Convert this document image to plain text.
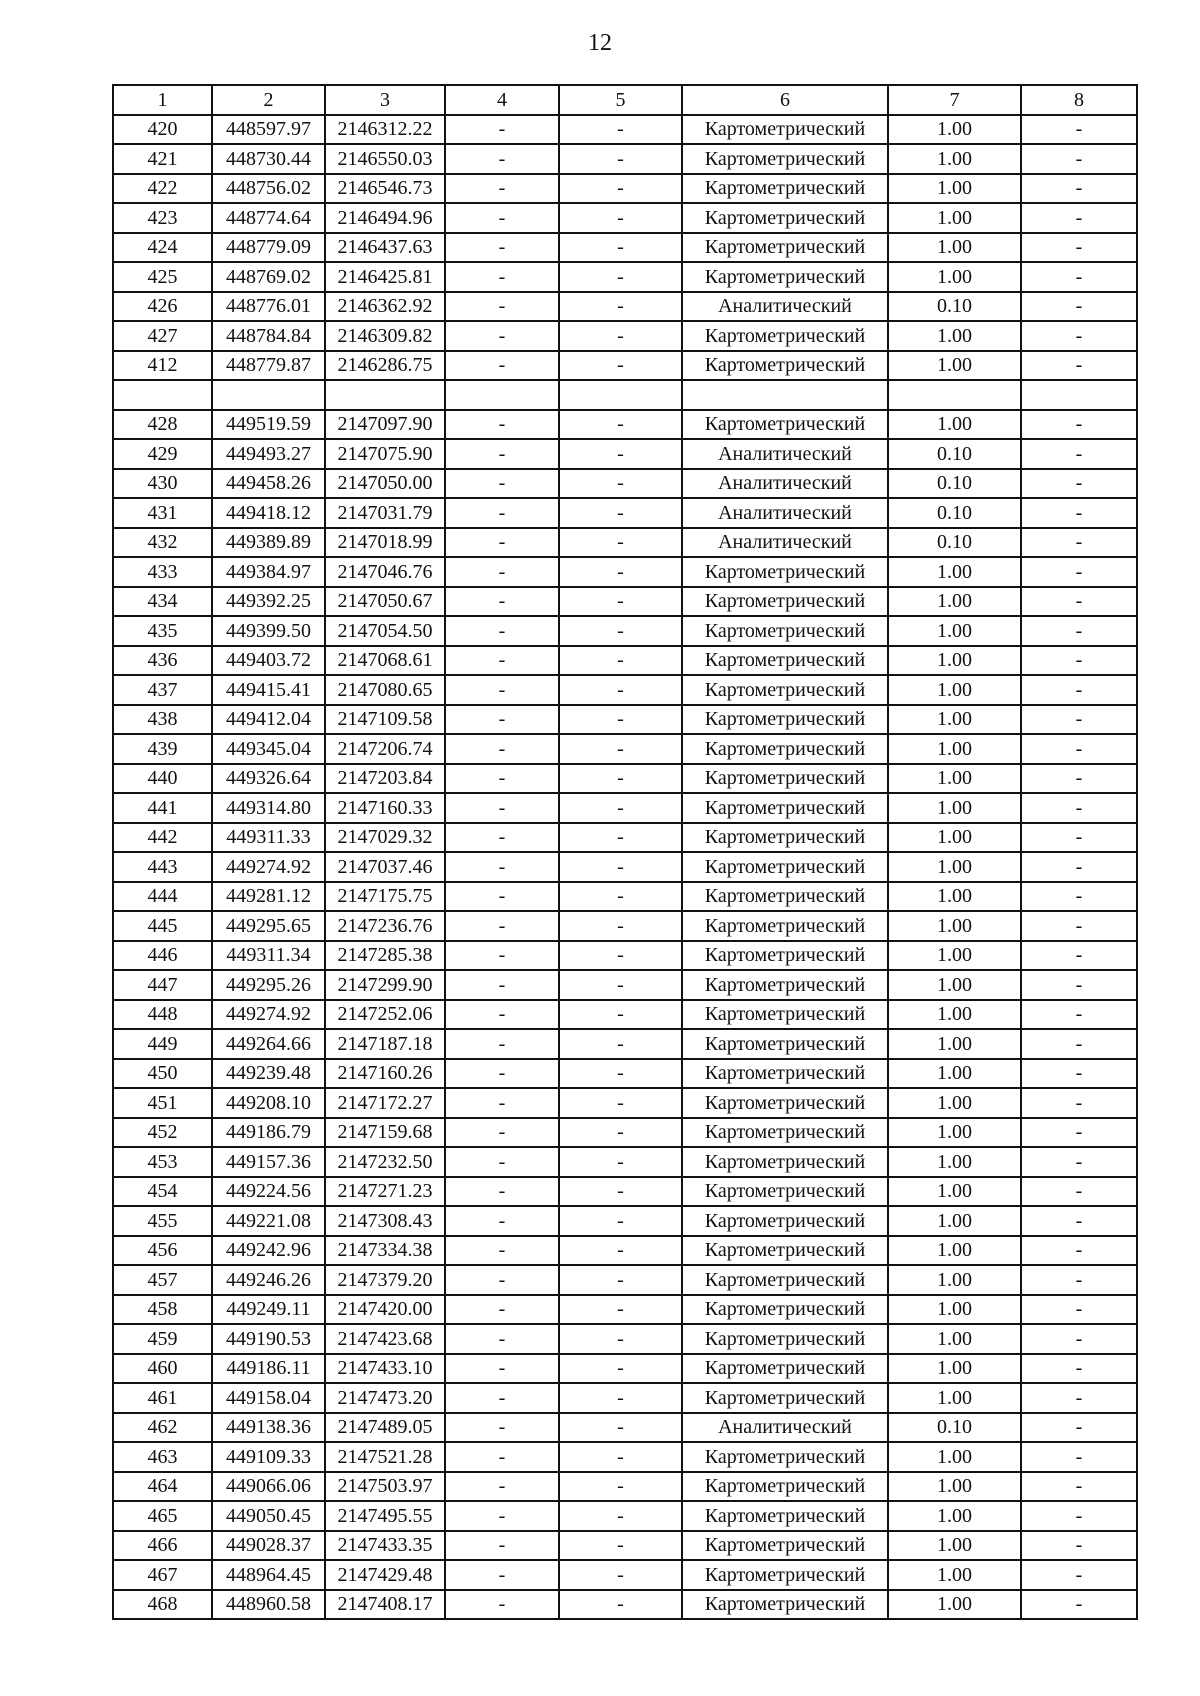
12
1	2	3	4	5	6	7	8
420	448597.97	2146312.22	-	-	Картометрический	1.00	-
421	448730.44	2146550.03	-	-	Картометрический	1.00	-
422	448756.02	2146546.73	-	-	Картометрический	1.00	-
423	448774.64	2146494.96	-	-	Картометрический	1.00	-
424	448779.09	2146437.63	-	-	Картометрический	1.00	-
425	448769.02	2146425.81	-	-	Картометрический	1.00	-
426	448776.01	2146362.92	-	-	Аналитический	0.10	-
427	448784.84	2146309.82	-	-	Картометрический	1.00	-
412	448779.87	2146286.75	-	-	Картометрический	1.00	-

428	449519.59	2147097.90	-	-	Картометрический	1.00	-
429	449493.27	2147075.90	-	-	Аналитический	0.10	-
430	449458.26	2147050.00	-	-	Аналитический	0.10	-
431	449418.12	2147031.79	-	-	Аналитический	0.10	-
432	449389.89	2147018.99	-	-	Аналитический	0.10	-
433	449384.97	2147046.76	-	-	Картометрический	1.00	-
434	449392.25	2147050.67	-	-	Картометрический	1.00	-
435	449399.50	2147054.50	-	-	Картометрический	1.00	-
436	449403.72	2147068.61	-	-	Картометрический	1.00	-
437	449415.41	2147080.65	-	-	Картометрический	1.00	-
438	449412.04	2147109.58	-	-	Картометрический	1.00	-
439	449345.04	2147206.74	-	-	Картометрический	1.00	-
440	449326.64	2147203.84	-	-	Картометрический	1.00	-
441	449314.80	2147160.33	-	-	Картометрический	1.00	-
442	449311.33	2147029.32	-	-	Картометрический	1.00	-
443	449274.92	2147037.46	-	-	Картометрический	1.00	-
444	449281.12	2147175.75	-	-	Картометрический	1.00	-
445	449295.65	2147236.76	-	-	Картометрический	1.00	-
446	449311.34	2147285.38	-	-	Картометрический	1.00	-
447	449295.26	2147299.90	-	-	Картометрический	1.00	-
448	449274.92	2147252.06	-	-	Картометрический	1.00	-
449	449264.66	2147187.18	-	-	Картометрический	1.00	-
450	449239.48	2147160.26	-	-	Картометрический	1.00	-
451	449208.10	2147172.27	-	-	Картометрический	1.00	-
452	449186.79	2147159.68	-	-	Картометрический	1.00	-
453	449157.36	2147232.50	-	-	Картометрический	1.00	-
454	449224.56	2147271.23	-	-	Картометрический	1.00	-
455	449221.08	2147308.43	-	-	Картометрический	1.00	-
456	449242.96	2147334.38	-	-	Картометрический	1.00	-
457	449246.26	2147379.20	-	-	Картометрический	1.00	-
458	449249.11	2147420.00	-	-	Картометрический	1.00	-
459	449190.53	2147423.68	-	-	Картометрический	1.00	-
460	449186.11	2147433.10	-	-	Картометрический	1.00	-
461	449158.04	2147473.20	-	-	Картометрический	1.00	-
462	449138.36	2147489.05	-	-	Аналитический	0.10	-
463	449109.33	2147521.28	-	-	Картометрический	1.00	-
464	449066.06	2147503.97	-	-	Картометрический	1.00	-
465	449050.45	2147495.55	-	-	Картометрический	1.00	-
466	449028.37	2147433.35	-	-	Картометрический	1.00	-
467	448964.45	2147429.48	-	-	Картометрический	1.00	-
468	448960.58	2147408.17	-	-	Картометрический	1.00	-
